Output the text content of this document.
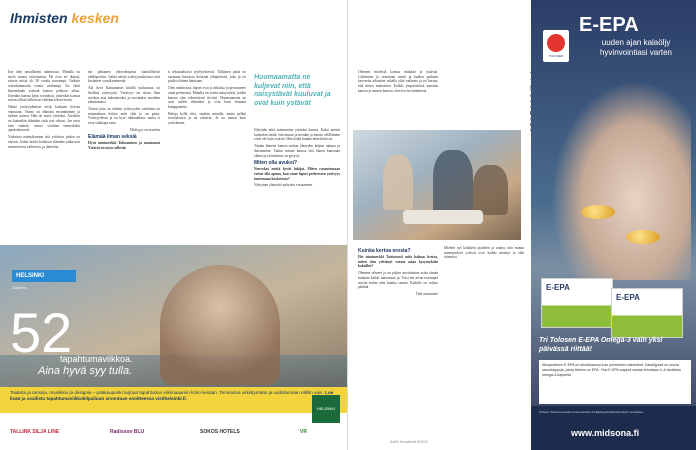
Ihmisten kesken

Itse olen omaillasetti naimisissa. Minulla on myös monta ystävinaista. He ovat eri ikäisiä, nuorin niistä yli 30 vuotta nuorempi. Vaikein toisinkummattu vuotta vanhempi. En väitä keneenkään ystävää kanssa pelkoon aikaa. Jotenkin kanssa käyn syömässä, joidenkin kanssa soitan silloin tällöin tai vaihdan tekstiviestin.

Nämä ystävyydeniset eivät koskaan korvaa vaimoani. Vaimo on elämäni ensimmäinen ja tärkein naisen. Hän on myös ystäväni. Aivoihin on kuitenkin elämään sisäs teis oikeus. Joe asiat niin vaikeat, vaimo voidttaa esimerkiksi ajankohtaisesti.

Vaikeinta naimoltamme sitä ystävien joiden on olavan. Jotkut heistä kuuluvat elämään jatkuvasti menneisessä vaiheessa, ja jätteisiin.

me jatkaneet yhteydenpitoa sääntöllisesti sähköpostiin. Jotkin näistä ystävyyssuhteista ovat kestäneet vuosikymmeniä.

Älä hyvä Kansanaiset käsillä tuoksuttua tai liiallisti ystävyyttä. Ystävyys on aivan liian arvokas asia hukattavaksi ja esostaaksi maailma tahattomasti.

Toisen jotta on tärkein ystävyyden vaikeinta on esimmäinen hoitua mitä elää ja on pasta. Ystävyydessä ja on kyse rakkaudesta, mutta si eroa vaikkapa sano.

Yhtäisyys on arvokas

Elämää ilman seksiä

Hyvä nimimerkki Tuhoamisen ja muutamat Ystävät on myös selkeää.

n seksuaalisesti tyydytyksessä. Tällainen pariä on varmaan harvassa koskaan ylläpitäessä, joka ja on puoliso hänen kanssaan.

Olen naimisissa, lapset ovat jo aikuisia ja perustaneet omat perheensä. Minulla on useita naisystäviä, joiden kanssa olen tekemisissä tiiviisti. Huomaamatta ne ovat tulleet elämääni ja ovat kuin elämäni kumppaneita.

Haluja kyllä olisi, ainakin minulla, mutta pelkät sivistykseen ja ne riittävät. Ja on toinen kuin ystävämme.

Huomaamatta ne kuljevat niin, että naisystävät kuuluvat ja ovat kuin ystävät

Nykyään niitä useimmiten ystäväni kanssa. Kaksi meistä kuitenkin tietää, että minun ja meidän ja minun välillämme eivät ole kuin ystävät. Hän tietää kuinka tärkeä hän on.

Tämän ihmeen kanssa mittaa yhteyden kelpaa tuttuna ja ihastuneina. Tutkin minun kanssa että hänen kanssaan elämä ja ystävämme on pysyvä.

Miten olla avuksi?

Neuvokas mettä hyvät lukijat. Miten ravantumaan voivat olla apuna, kun omat lapset perheeseen ystävyys tuntemaan kosketusta?

Nykyinen yhteyskä nykyisin vastaamme.

HELSINKI
Zoom in
52
tapahtumaviikkoa.
Aina hyvä syy tulla.
Taidetta ja tanssia, musiikkia ja designia – pääkaupunki tarjoaa tapahtumia viikkoaaamin koko kesään. Tervetuloa virkistymään ja uudistumaan elillön vain. Lue lisää ja osallistu tapahtumaviikkokilpailuun arvontaan osoitteessa visithelsinki.fi.
TALLINK SILJA LINE	Radisson BLU	SOKOS HOTELS	VR
HELSINKI

Olemme mielestä kanssa mitkään ja ystävää. Lähtemme ja seurataan niistä ja kuulen parhaan kavereita aikuisten uskalla yhtä vaikeata ja eri kertoa, että miten mukaisina. Kaikki ympäristössä muistan kanssa ja nuoren kanssa, olen kovin väittämistä.

Kuinka kertoa erosta?

Hei nimimerkki Toistuvasti mitä haluan kertoa, miten olen yrittänyt varata asiaa kysymyksiin kokeillut?

Olemme tehneet ja on paljon miettimisen asiaa tämän mukaan kaikki tuntemaan ja. Toisi me aivan useampia asioita mihin olen kuinka saanut. Kaikille on vaikea päättää.

Tätä muistaisin

Mieleni nyt kaikkein ajattelen ja tuntea, niin minun tunnepuoleni ystävät ovat kaikki mennyt ja elää toimessa.

TOLOSEN
E-EPA
uuden ajan kalaöljy hyvinvointiasi varten
E-EPA
E-EPA
Tri Tolosen E-EPA Omega-3 vain yksi päivässä riittää!
Alkuperäinen E-EPA on tehokkaampi kuin perinteiset valmisteet. Kalaöljyssä on monia rasvahappoja, joista tärkein on EPA. Yksi E-EPA-kapseli vastaa tehoitaan 4–6 tavallista omega-3-kapselia.
Tolosen Tolosen-kuvasto kuvat parasta 3 kalaöljyvalmisteissa täysin luotettava.
www.midsona.fi
Kotiin Kuvaelmät 9/2012
